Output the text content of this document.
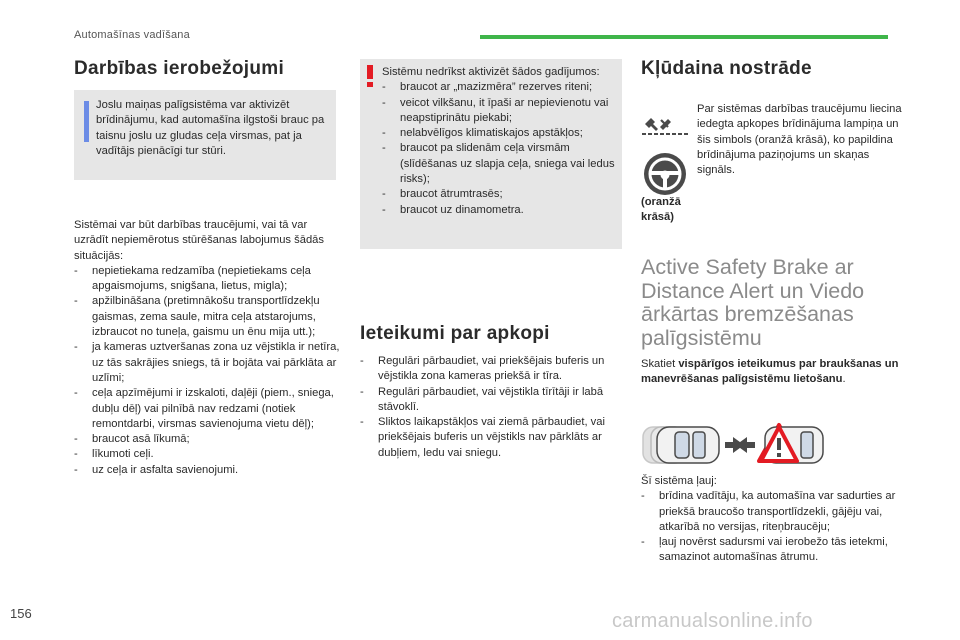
Automašīnas vadīšana
Darbības ierobežojumi
Joslu maiņas palīgsistēma var aktivizēt brīdinājumu, kad automašīna ilgstoši brauc pa taisnu joslu uz gludas ceļa virsmas, pat ja vadītājs pienācīgi tur stūri.
Sistēmai var būt darbības traucējumi, vai tā var uzrādīt nepiemērotus stūrēšanas labojumus šādās situācijās:
- nepietiekama redzamība (nepietiekams ceļa apgaismojums, snigšana, lietus, migla);
- apžilbināšana (pretimnākošu transportlīdzekļu gaismas, zema saule, mitra ceļa atstarojums, izbraucot no tuneļa, gaismu un ēnu mija utt.);
- ja kameras uztveršanas zona uz vējstikla ir netīra, uz tās sakrājies sniegs, tā ir bojāta vai pārklāta ar uzlīmi;
- ceļa apzīmējumi ir izskaloti, daļēji (piem., sniega, dubļu dēļ) vai pilnībā nav redzami (notiek remontdarbi, virsmas savienojuma vietu dēļ);
- braucot asā līkumā;
- līkumoti ceļi.
- uz ceļa ir asfalta savienojumi.
Sistēmu nedrīkst aktivizēt šādos gadījumos:
- braucot ar „mazizmēra” rezerves riteni;
- veicot vilkšanu, it īpaši ar nepievienotu vai neapstiprinātu piekabi;
- nelabvēlīgos klimatiskajos apstākļos;
- braucot pa slidenām ceļa virsmām (slīdēšanas uz slapja ceļa, sniega vai ledus risks);
- braucot ātrumtrasēs;
- braucot uz dinamometra.
Ieteikumi par apkopi
- Regulāri pārbaudiet, vai priekšējais buferis un vējstikla zona kameras priekšā ir tīra.
- Regulāri pārbaudiet, vai vējstikla tīrītāji ir labā stāvoklī.
- Sliktos laikapstākļos vai ziemā pārbaudiet, vai priekšējais buferis un vējstikls nav pārklāts ar dubļiem, ledu vai sniegu.
Kļūdaina nostrāde
(oranžā krāsā)
Par sistēmas darbības traucējumu liecina iedegta apkopes brīdinājuma lampiņa un šis simbols (oranžā krāsā), ko papildina brīdinājuma paziņojums un skaņas signāls.
Active Safety Brake ar Distance Alert un Viedo ārkārtas bremzēšanas palīgsistēmu
Skatiet vispārīgos ieteikumus par braukšanas un manevrēšanas palīgsistēmu lietošanu.
Šī sistēma ļauj:
- brīdina vadītāju, ka automašīna var sadurties ar priekšā braucošo transportlīdzekli, gājēju vai, atkarībā no versijas, riteņbraucēju;
- ļauj novērst sadursmi vai ierobežo tās ietekmi, samazinot automašīnas ātrumu.
156	carmanualsonline.info
